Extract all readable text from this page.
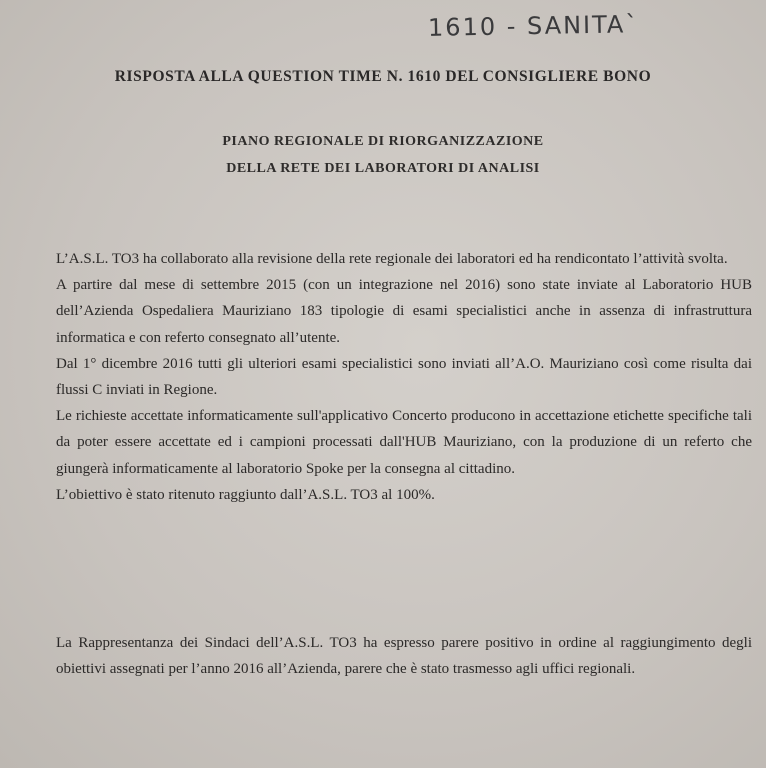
1610 - SANITA`
RISPOSTA ALLA QUESTION TIME N. 1610 DEL CONSIGLIERE BONO
PIANO REGIONALE DI RIORGANIZZAZIONE
DELLA RETE DEI LABORATORI DI ANALISI

L’A.S.L. TO3 ha collaborato alla revisione della rete regionale dei laboratori ed ha rendicontato l’attività svolta.

A partire dal mese di settembre 2015 (con un integrazione nel 2016) sono state inviate al Laboratorio HUB dell’Azienda Ospedaliera Mauriziano 183 tipologie di esami specialistici anche in assenza di infrastruttura informatica e con referto consegnato all’utente.

Dal 1° dicembre 2016 tutti gli ulteriori esami specialistici sono inviati all’A.O. Mauriziano così come risulta dai flussi C inviati in Regione.

Le richieste accettate informaticamente sull'applicativo Concerto producono in accettazione etichette specifiche tali da poter essere accettate ed i campioni processati dall'HUB Mauriziano, con la produzione di un referto che giungerà informaticamente al laboratorio Spoke per la consegna al cittadino.

L’obiettivo è stato ritenuto raggiunto dall’A.S.L. TO3 al 100%.

La Rappresentanza dei Sindaci dell’A.S.L. TO3 ha espresso parere positivo in ordine al raggiungimento degli obiettivi assegnati per l’anno 2016 all’Azienda, parere che è stato trasmesso agli uffici regionali.
